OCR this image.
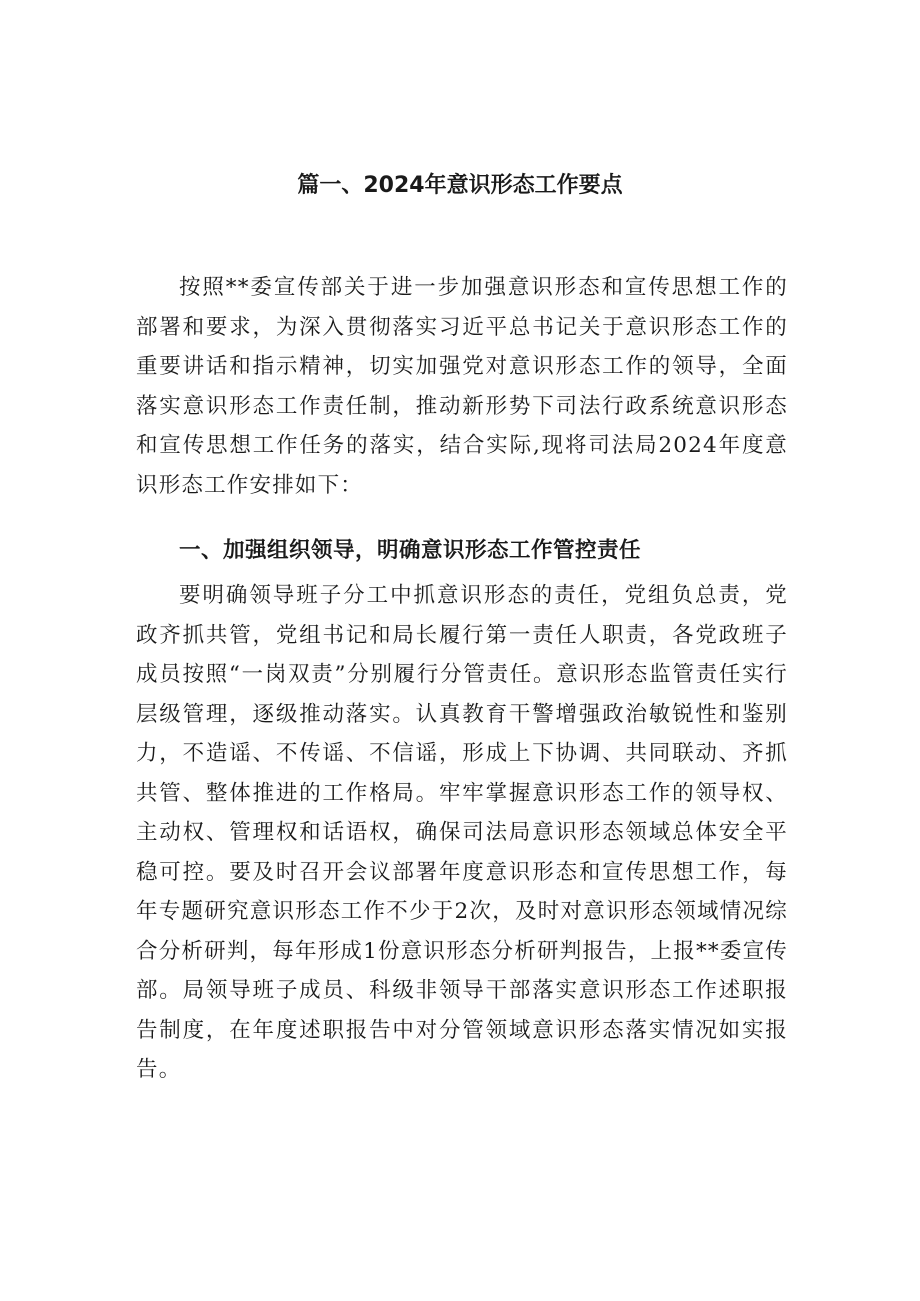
篇一、2024年意识形态工作要点

按照**委宣传部关于进一步加强意识形态和宣传思想工作的部署和要求，为深入贯彻落实习近平总书记关于意识形态工作的重要讲话和指示精神，切实加强党对意识形态工作的领导，全面落实意识形态工作责任制，推动新形势下司法行政系统意识形态和宣传思想工作任务的落实，结合实际,现将司法局2024年度意识形态工作安排如下：

一、加强组织领导，明确意识形态工作管控责任

要明确领导班子分工中抓意识形态的责任，党组负总责，党政齐抓共管，党组书记和局长履行第一责任人职责，各党政班子成员按照“一岗双责”分别履行分管责任。意识形态监管责任实行层级管理，逐级推动落实。认真教育干警增强政治敏锐性和鉴别力，不造谣、不传谣、不信谣，形成上下协调、共同联动、齐抓共管、整体推进的工作格局。牢牢掌握意识形态工作的领导权、主动权、管理权和话语权，确保司法局意识形态领域总体安全平稳可控。要及时召开会议部署年度意识形态和宣传思想工作，每年专题研究意识形态工作不少于2次，及时对意识形态领域情况综合分析研判，每年形成1份意识形态分析研判报告，上报**委宣传部。局领导班子成员、科级非领导干部落实意识形态工作述职报告制度，在年度述职报告中对分管领域意识形态落实情况如实报告。
